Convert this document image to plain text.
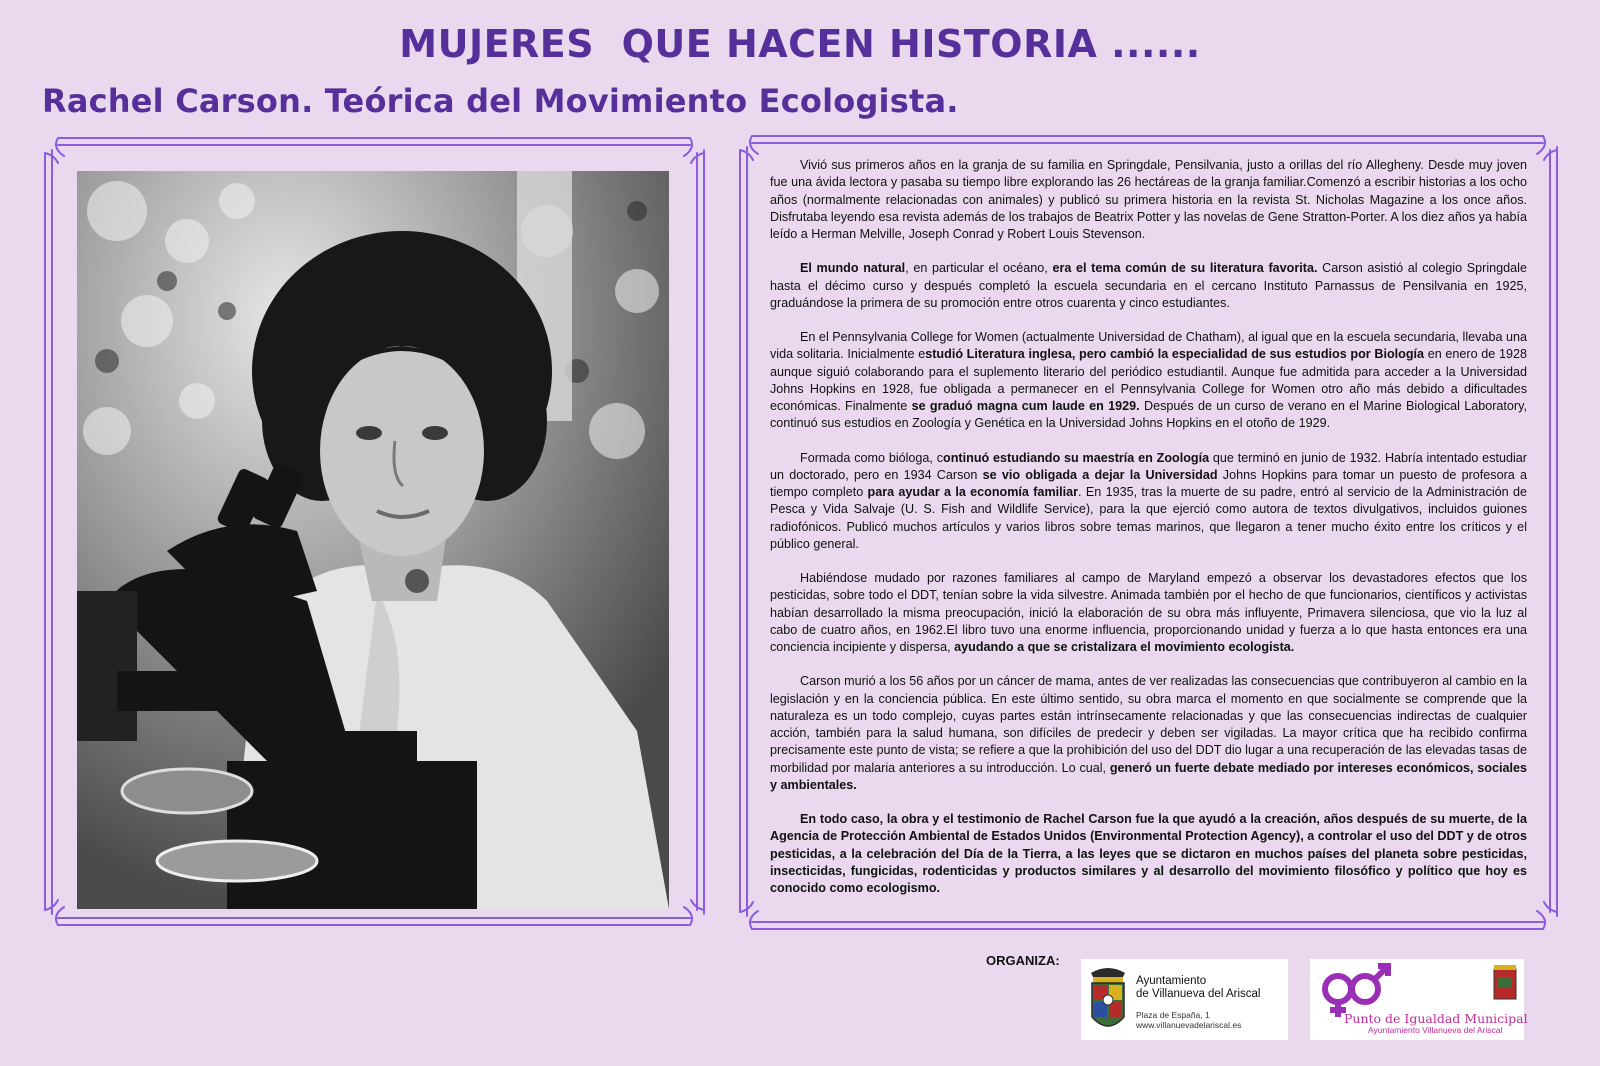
MUJERES  QUE HACEN HISTORIA ......
Rachel Carson. Teórica del Movimiento Ecologista.

Vivió sus primeros años en la granja de su familia en Springdale, Pensilvania, justo a orillas del río Allegheny. Desde muy joven fue una ávida lectora y pasaba su tiempo libre explorando las 26 hectáreas de la granja familiar.Comenzó a escribir historias a los ocho años (normalmente relacionadas con animales) y publicó su primera historia en la revista St. Nicholas Magazine a los once años. Disfrutaba leyendo esa revista además de los trabajos de Beatrix Potter y las novelas de Gene Stratton-Porter. A los diez años ya había leído a Herman Melville, Joseph Conrad y Robert Louis Stevenson.

El mundo natural, en particular el océano, era el tema común de su literatura favorita. Carson asistió al colegio Springdale hasta el décimo curso y después completó la escuela secundaria en el cercano Instituto Parnassus de Pensilvania en 1925, graduándose la primera de su promoción entre otros cuarenta y cinco estudiantes.

En el Pennsylvania College for Women (actualmente Universidad de Chatham), al igual que en la escuela secundaria, llevaba una vida solitaria. Inicialmente estudió Literatura inglesa, pero cambió la especialidad de sus estudios por Biología en enero de 1928 aunque siguió colaborando para el suplemento literario del periódico estudiantil. Aunque fue admitida para acceder a la Universidad Johns Hopkins en 1928, fue obligada a permanecer en el Pennsylvania College for Women otro año más debido a dificultades económicas. Finalmente se graduó magna cum laude en 1929. Después de un curso de verano en el Marine Biological Laboratory, continuó sus estudios en Zoología y Genética en la Universidad Johns Hopkins en el otoño de 1929.

Formada como bióloga, continuó estudiando su maestría en Zoología que terminó en junio de 1932. Habría intentado estudiar un doctorado, pero en 1934 Carson se vio obligada a dejar la Universidad Johns Hopkins para tomar un puesto de profesora a tiempo completo para ayudar a la economía familiar. En 1935, tras la muerte de su padre, entró al servicio de la Administración de Pesca y Vida Salvaje (U. S. Fish and Wildlife Service), para la que ejerció como autora de textos divulgativos, incluidos guiones radiofónicos. Publicó muchos artículos y varios libros sobre temas marinos, que llegaron a tener mucho éxito entre los críticos y el público general.

Habiéndose mudado por razones familiares al campo de Maryland empezó a observar los devastadores efectos que los pesticidas, sobre todo el DDT, tenían sobre la vida silvestre. Animada también por el hecho de que funcionarios, científicos y activistas habían desarrollado la misma preocupación, inició la elaboración de su obra más influyente, Primavera silenciosa, que vio la luz al cabo de cuatro años, en 1962.El libro tuvo una enorme influencia, proporcionando unidad y fuerza a lo que hasta entonces era una conciencia incipiente y dispersa, ayudando a que se cristalizara el movimiento ecologista.

Carson murió a los 56 años por un cáncer de mama, antes de ver realizadas las consecuencias que contribuyeron al cambio en la legislación y en la conciencia pública. En este último sentido, su obra marca el momento en que socialmente se comprende que la naturaleza es un todo complejo, cuyas partes están intrínsecamente relacionadas y que las consecuencias indirectas de cualquier acción, también para la salud humana, son difíciles de predecir y deben ser vigiladas. La mayor crítica que ha recibido confirma precisamente este punto de vista; se refiere a que la prohibición del uso del DDT dio lugar a una recuperación de las elevadas tasas de morbilidad por malaria anteriores a su introducción. Lo cual, generó un fuerte debate mediado por intereses económicos, sociales y ambientales.

En todo caso, la obra y el testimonio de Rachel Carson fue la que ayudó a la creación, años después de su muerte, de la Agencia de Protección Ambiental de Estados Unidos (Environmental Protection Agency), a controlar el uso del DDT y de otros pesticidas, a la celebración del Día de la Tierra, a las leyes que se dictaron en muchos países del planeta sobre pesticidas, insecticidas, fungicidas, rodenticidas y productos similares y al desarrollo del movimiento filosófico y político que hoy es conocido como ecologismo.

ORGANIZA:
Ayuntamiento
de Villanueva del Ariscal
Plaza de España, 1
www.villanuevadelariscal.es	Punto de Igualdad Municipal
Ayuntamiento Villanueva del Ariscal
